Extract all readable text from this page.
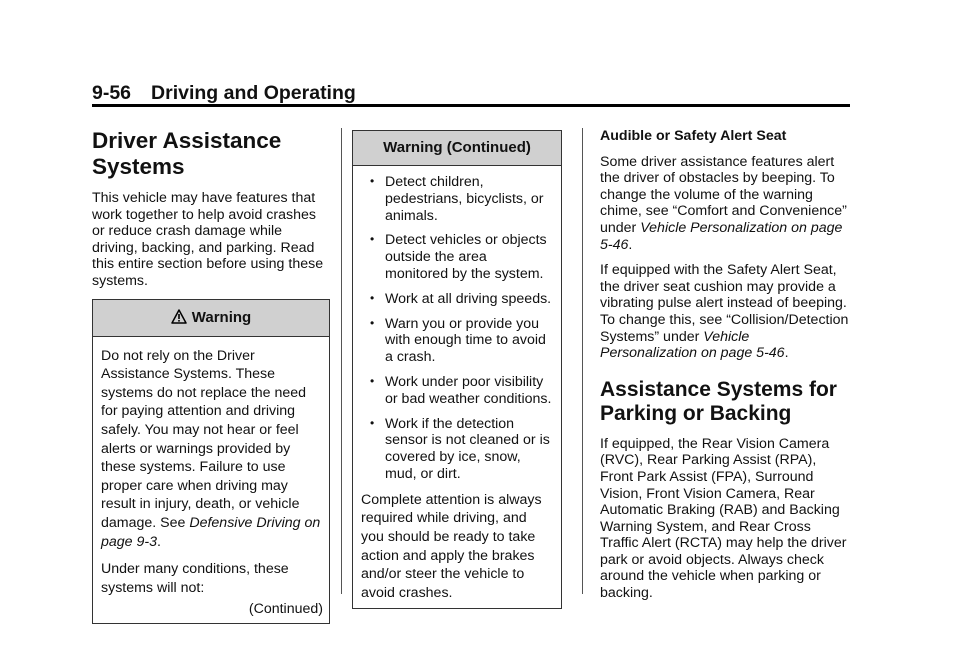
9-56 Driving and Operating
Driver Assistance Systems

This vehicle may have features that work together to help avoid crashes or reduce crash damage while driving, backing, and parking. Read this entire section before using these systems.

Warning

Do not rely on the Driver Assistance Systems. These systems do not replace the need for paying attention and driving safely. You may not hear or feel alerts or warnings provided by these systems. Failure to use proper care when driving may result in injury, death, or vehicle damage. See Defensive Driving on page 9-3.

Under many conditions, these systems will not:

(Continued)
Warning (Continued)
• Detect children, pedestrians, bicyclists, or animals.
• Detect vehicles or objects outside the area monitored by the system.
• Work at all driving speeds.
• Warn you or provide you with enough time to avoid a crash.
• Work under poor visibility or bad weather conditions.
• Work if the detection sensor is not cleaned or is covered by ice, snow, mud, or dirt.

Complete attention is always required while driving, and you should be ready to take action and apply the brakes and/or steer the vehicle to avoid crashes.

Audible or Safety Alert Seat

Some driver assistance features alert the driver of obstacles by beeping. To change the volume of the warning chime, see “Comfort and Convenience” under Vehicle Personalization on page 5-46.

If equipped with the Safety Alert Seat, the driver seat cushion may provide a vibrating pulse alert instead of beeping. To change this, see “Collision/Detection Systems” under Vehicle Personalization on page 5-46.

Assistance Systems for Parking or Backing

If equipped, the Rear Vision Camera (RVC), Rear Parking Assist (RPA), Front Park Assist (FPA), Surround Vision, Front Vision Camera, Rear Automatic Braking (RAB) and Backing Warning System, and Rear Cross Traffic Alert (RCTA) may help the driver park or avoid objects. Always check around the vehicle when parking or backing.
